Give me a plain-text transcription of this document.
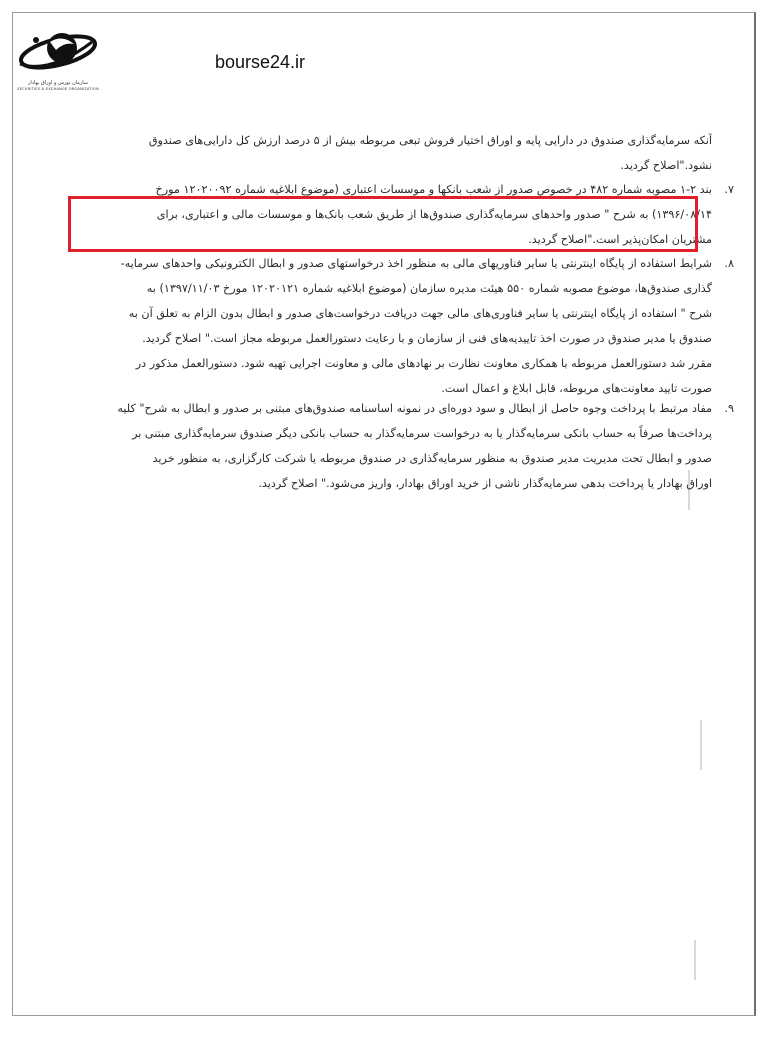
سازمان بورس و اوراق بهادار
SECURITIES & EXCHANGE ORGANIZATION
bourse24.ir
آنکه سرمایه‌گذاری صندوق در دارایی پایه و اوراق اختیار فروش تبعی مربوطه بیش از ۵ درصد ارزش کل دارایی‌های صندوق
نشود."اصلاح گردید.
.۷
بند ۲-۱ مصوبه شماره ۴۸۲ در خصوص صدور از شعب بانکها و موسسات اعتباری (موضوع ابلاغیه شماره ۱۲۰۲۰۰۹۲ مورخ
۱۳۹۶/۰۸/۱۴) به شرح " صدور واحدهای سرمایه‌گذاری صندوق‌ها از طریق شعب بانک‌ها و موسسات مالی و اعتباری، برای
مشتریان امکان‌پذیر است."اصلاح گردید.
.۸
شرایط استفاده از پایگاه اینترنتی یا سایر فناوریهای مالی به منظور اخذ درخواستهای صدور و ابطال الکترونیکی واحدهای سرمایه-
گذاری صندوق‌ها، موضوع مصوبه شماره ۵۵۰ هیئت مدیره سازمان (موضوع ابلاغیه شماره ۱۲۰۲۰۱۲۱ مورخ ۱۳۹۷/۱۱/۰۳) به
شرح " استفاده از پایگاه اینترنتی یا سایر فناوری‌های مالی جهت دریافت درخواست‌های صدور و ابطال بدون الزام به تعلق آن به
صندوق یا مدیر صندوق در صورت اخذ تاییدیه‌های فنی از سازمان و با رعایت دستورالعمل مربوطه مجاز است." اصلاح گردید.
مقرر شد دستورالعمل مربوطه با همکاری معاونت نظارت بر نهادهای مالی و معاونت اجرایی تهیه شود. دستورالعمل مذکور در
صورت تایید معاونت‌های مربوطه، قابل ابلاغ و اعمال است.
.۹
مفاد مرتبط با پرداخت وجوه حاصل از ابطال و سود دوره‌ای در نمونه اساسنامه صندوق‌های مبتنی بر صدور و ابطال به شرح" کلیه
پرداخت‌ها صرفاً به حساب بانکی سرمایه‌گذار یا به درخواست سرمایه‌گذار به حساب بانکی دیگر صندوق سرمایه‌گذاری مبتنی بر
صدور و ابطال تحت مدیریت مدیر صندوق به منظور سرمایه‌گذاری در صندوق مربوطه یا شرکت کارگزاری، به منظور خرید
اوراق بهادار یا پرداخت بدهی سرمایه‌گذار ناشی از خرید اوراق بهادار، واریز می‌شود." اصلاح گردید.
